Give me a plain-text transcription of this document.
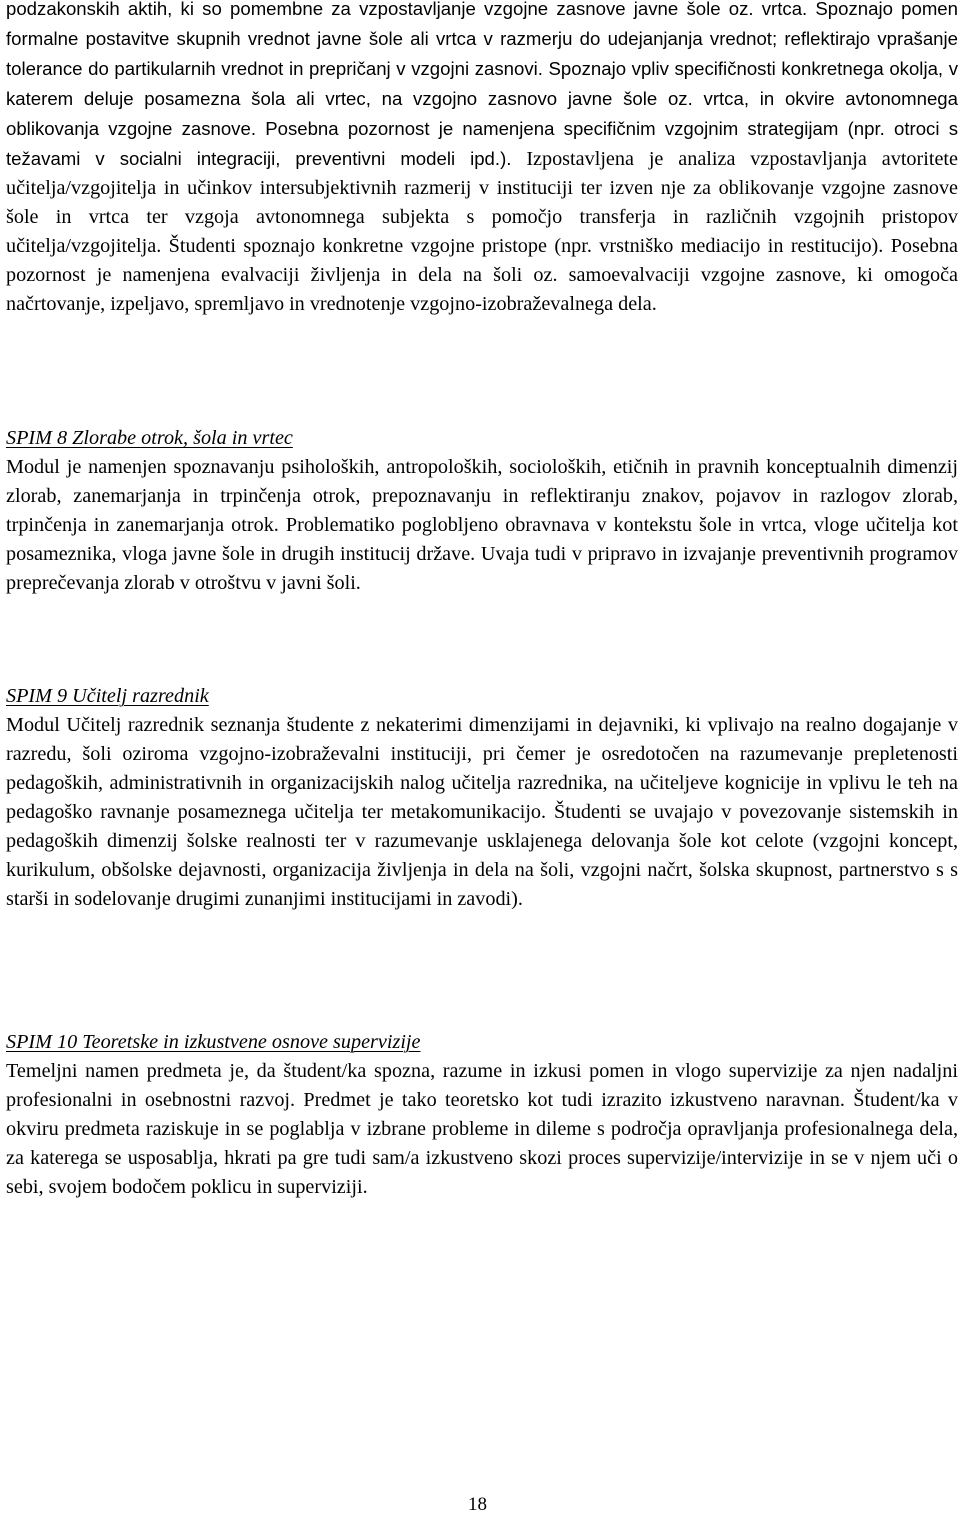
podzakonskih aktih, ki so pomembne za vzpostavljanje vzgojne zasnove javne šole oz. vrtca. Spoznajo pomen formalne postavitve skupnih vrednot javne šole ali vrtca v razmerju do udejanjanja vrednot; reflektirajo vprašanje tolerance do partikularnih vrednot in prepričanj v vzgojni zasnovi. Spoznajo vpliv specifičnosti konkretnega okolja, v katerem deluje posamezna šola ali vrtec, na vzgojno zasnovo javne šole oz. vrtca, in okvire avtonomnega oblikovanja vzgojne zasnove. Posebna pozornost je namenjena specifičnim vzgojnim strategijam (npr. otroci s težavami v socialni integraciji, preventivni modeli ipd.). Izpostavljena je analiza vzpostavljanja avtoritete učitelja/vzgojitelja in učinkov intersubjektivnih razmerij v instituciji ter izven nje za oblikovanje vzgojne zasnove šole in vrtca ter vzgoja avtonomnega subjekta s pomočjo transferja in različnih vzgojnih pristopov učitelja/vzgojitelja. Študenti spoznajo konkretne vzgojne pristope (npr. vrstniško mediacijo in restitucijo). Posebna pozornost je namenjena evalvaciji življenja in dela na šoli oz. samoevalvaciji vzgojne zasnove, ki omogoča načrtovanje, izpeljavo, spremljavo in vrednotenje vzgojno-izobraževalnega dela.

SPIM 8 Zlorabe otrok, šola in vrtec

Modul je namenjen spoznavanju psiholoških, antropoloških, socioloških, etičnih in pravnih konceptualnih dimenzij zlorab, zanemarjanja in trpinčenja otrok, prepoznavanju in reflektiranju znakov, pojavov in razlogov zlorab, trpinčenja in zanemarjanja otrok. Problematiko poglobljeno obravnava v kontekstu šole in vrtca, vloge učitelja kot posameznika, vloga javne šole in drugih institucij države. Uvaja tudi v pripravo in izvajanje preventivnih programov preprečevanja zlorab v otroštvu v javni šoli.

SPIM 9 Učitelj razrednik

Modul Učitelj razrednik seznanja študente z nekaterimi dimenzijami in dejavniki, ki vplivajo na realno dogajanje v razredu, šoli oziroma vzgojno-izobraževalni instituciji, pri čemer je osredotočen na razumevanje prepletenosti pedagoških, administrativnih in organizacijskih nalog učitelja razrednika, na učiteljeve kognicije in vplivu le teh na pedagoško ravnanje posameznega učitelja ter metakomunikacijo. Študenti se uvajajo v povezovanje sistemskih in pedagoških dimenzij šolske realnosti ter v razumevanje usklajenega delovanja šole kot celote (vzgojni koncept, kurikulum, obšolske dejavnosti, organizacija življenja in dela na šoli, vzgojni načrt, šolska skupnost, partnerstvo s s starši in sodelovanje drugimi zunanjimi institucijami in zavodi).

SPIM 10 Teoretske in izkustvene osnove supervizije

Temeljni namen predmeta je, da študent/ka spozna, razume in izkusi pomen in vlogo supervizije za njen nadaljni profesionalni in osebnostni razvoj. Predmet je tako teoretsko kot tudi izrazito izkustveno naravnan. Študent/ka v okviru predmeta raziskuje in se poglablja v izbrane probleme in dileme s področja opravljanja profesionalnega dela, za katerega se usposablja, hkrati pa gre tudi sam/a izkustveno skozi proces supervizije/intervizije in se v njem uči o sebi, svojem bodočem poklicu in superviziji.

18
